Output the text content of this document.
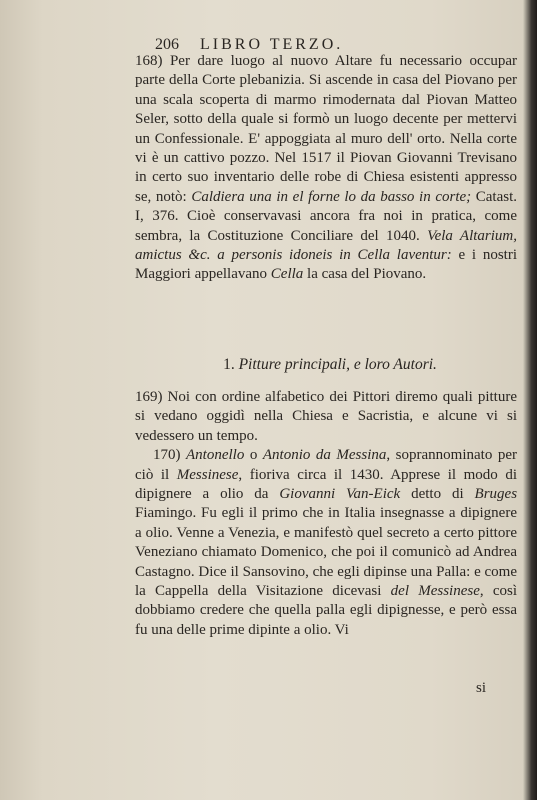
206 LIBRO TERZO.

168) Per dare luogo al nuovo Altare fu necessario occupar parte della Corte plebanizia. Si ascende in casa del Piovano per una scala scoperta di marmo rimodernata dal Piovan Matteo Seler, sotto della quale si formò un luogo decente per mettervi un Confessionale. E' appoggiata al muro dell' orto. Nella corte vi è un cattivo pozzo. Nel 1517 il Piovan Giovanni Trevisano in certo suo inventario delle robe di Chiesa esistenti appresso se, notò: Caldiera una in el forne lo da basso in corte; Catast. I, 376. Cioè conservavasi ancora fra noi in pratica, come sembra, la Costituzione Conciliare del 1040. Vela Altarium, amictus &c. a personis idoneis in Cella laventur: e i nostri Maggiori appellavano Cella la casa del Piovano.

1. Pitture principali, e loro Autori.

169) Noi con ordine alfabetico dei Pittori diremo quali pitture si vedano oggidì nella Chiesa e Sacristia, e alcune vi si vedessero un tempo.

170) Antonello o Antonio da Messina, soprannominato per ciò il Messinese, fioriva circa il 1430. Apprese il modo di dipignere a olio da Giovanni Van-Eick detto di Bruges Fiamingo. Fu egli il primo che in Italia insegnasse a dipignere a olio. Venne a Venezia, e manifestò quel secreto a certo pittore Veneziano chiamato Domenico, che poi il comunicò ad Andrea Castagno. Dice il Sansovino, che egli dipinse una Palla: e come la Cappella della Visitazione dicevasi del Messinese, così dobbiamo credere che quella palla egli dipignesse, e però essa fu una delle prime dipinte a olio. Vi

si
